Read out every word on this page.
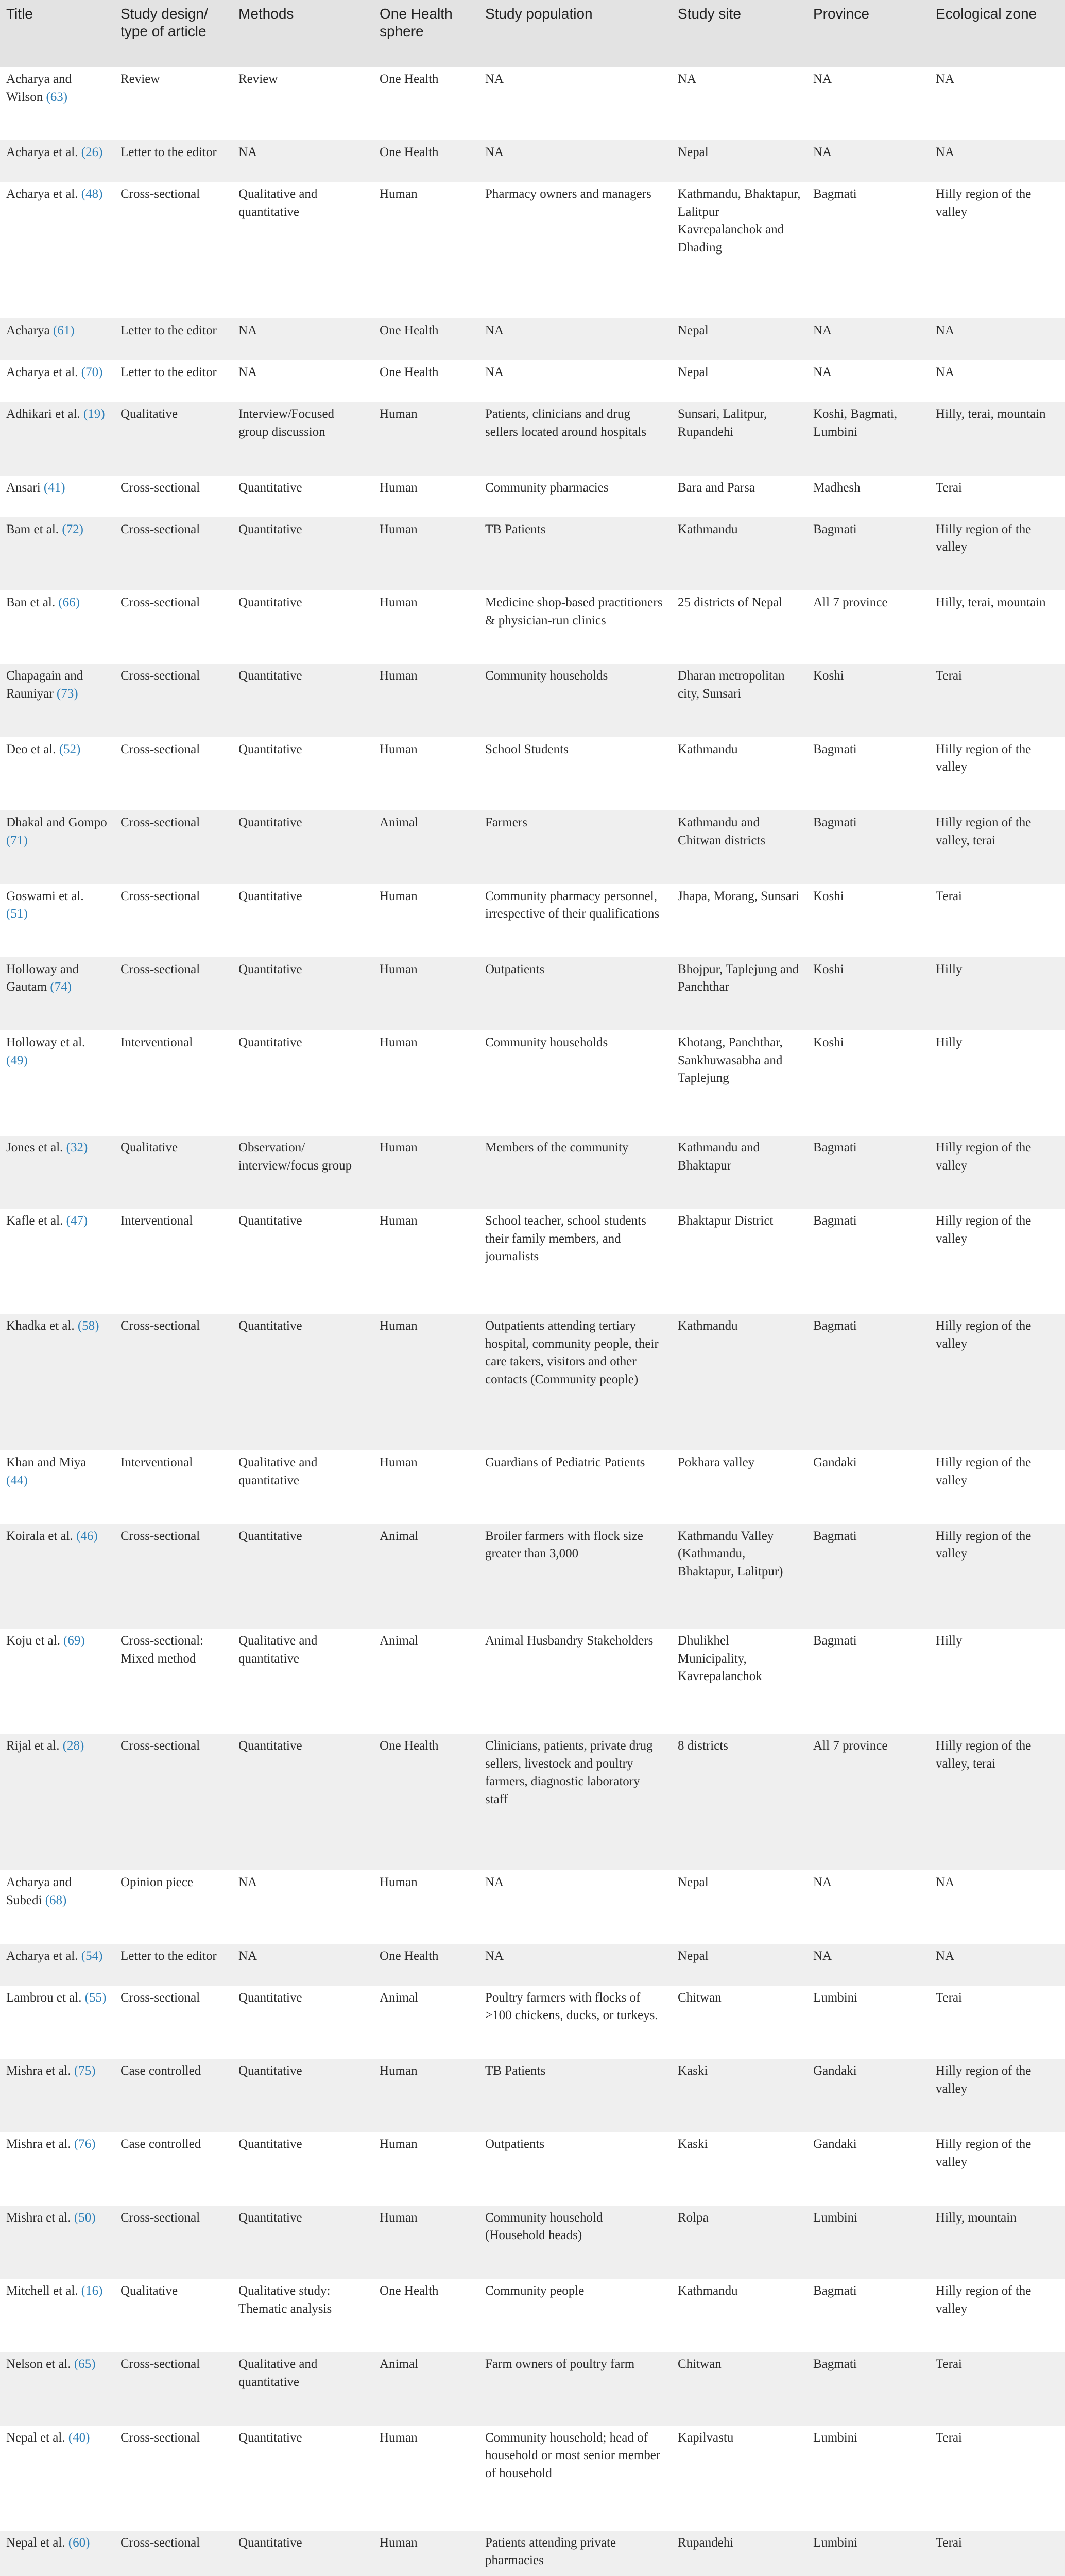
Title	Study design/ type of article	Methods	One Health sphere	Study population	Study site	Province	Ecological zone
Acharya and Wilson (63)	Review	Review	One Health	NA	NA	NA	NA
Acharya et al. (26)	Letter to the editor	NA	One Health	NA	Nepal	NA	NA
Acharya et al. (48)	Cross-sectional	Qualitative and quantitative	Human	Pharmacy owners and managers	Kathmandu, Bhaktapur, Lalitpur Kavrepalanchok and Dhading	Bagmati	Hilly region of the valley
Acharya (61)	Letter to the editor	NA	One Health	NA	Nepal	NA	NA
Acharya et al. (70)	Letter to the editor	NA	One Health	NA	Nepal	NA	NA
Adhikari et al. (19)	Qualitative	Interview/Focused group discussion	Human	Patients, clinicians and drug sellers located around hospitals	Sunsari, Lalitpur, Rupandehi	Koshi, Bagmati, Lumbini	Hilly, terai, mountain
Ansari (41)	Cross-sectional	Quantitative	Human	Community pharmacies	Bara and Parsa	Madhesh	Terai
Bam et al. (72)	Cross-sectional	Quantitative	Human	TB Patients	Kathmandu	Bagmati	Hilly region of the valley
Ban et al. (66)	Cross-sectional	Quantitative	Human	Medicine shop-based practitioners & physician-run clinics	25 districts of Nepal	All 7 province	Hilly, terai, mountain
Chapagain and Rauniyar (73)	Cross-sectional	Quantitative	Human	Community households	Dharan metropolitan city, Sunsari	Koshi	Terai
Deo et al. (52)	Cross-sectional	Quantitative	Human	School Students	Kathmandu	Bagmati	Hilly region of the valley
Dhakal and Gompo (71)	Cross-sectional	Quantitative	Animal	Farmers	Kathmandu and Chitwan districts	Bagmati	Hilly region of the valley, terai
Goswami et al. (51)	Cross-sectional	Quantitative	Human	Community pharmacy personnel, irrespective of their qualifications	Jhapa, Morang, Sunsari	Koshi	Terai
Holloway and Gautam (74)	Cross-sectional	Quantitative	Human	Outpatients	Bhojpur, Taplejung and Panchthar	Koshi	Hilly
Holloway et al. (49)	Interventional	Quantitative	Human	Community households	Khotang, Panchthar, Sankhuwasabha and Taplejung	Koshi	Hilly
Jones et al. (32)	Qualitative	Observation/ interview/focus group	Human	Members of the community	Kathmandu and Bhaktapur	Bagmati	Hilly region of the valley
Kafle et al. (47)	Interventional	Quantitative	Human	School teacher, school students their family members, and journalists	Bhaktapur District	Bagmati	Hilly region of the valley
Khadka et al. (58)	Cross-sectional	Quantitative	Human	Outpatients attending tertiary hospital, community people, their care takers, visitors and other contacts (Community people)	Kathmandu	Bagmati	Hilly region of the valley
Khan and Miya (44)	Interventional	Qualitative and quantitative	Human	Guardians of Pediatric Patients	Pokhara valley	Gandaki	Hilly region of the valley
Koirala et al. (46)	Cross-sectional	Quantitative	Animal	Broiler farmers with flock size greater than 3,000	Kathmandu Valley (Kathmandu, Bhaktapur, Lalitpur)	Bagmati	Hilly region of the valley
Koju et al. (69)	Cross-sectional: Mixed method	Qualitative and quantitative	Animal	Animal Husbandry Stakeholders	Dhulikhel Municipality, Kavrepalanchok	Bagmati	Hilly
Rijal et al. (28)	Cross-sectional	Quantitative	One Health	Clinicians, patients, private drug sellers, livestock and poultry farmers, diagnostic laboratory staff	8 districts	All 7 province	Hilly region of the valley, terai
Acharya and Subedi (68)	Opinion piece	NA	Human	NA	Nepal	NA	NA
Acharya et al. (54)	Letter to the editor	NA	One Health	NA	Nepal	NA	NA
Lambrou et al. (55)	Cross-sectional	Quantitative	Animal	Poultry farmers with flocks of >100 chickens, ducks, or turkeys.	Chitwan	Lumbini	Terai
Mishra et al. (75)	Case controlled	Quantitative	Human	TB Patients	Kaski	Gandaki	Hilly region of the valley
Mishra et al. (76)	Case controlled	Quantitative	Human	Outpatients	Kaski	Gandaki	Hilly region of the valley
Mishra et al. (50)	Cross-sectional	Quantitative	Human	Community household (Household heads)	Rolpa	Lumbini	Hilly, mountain
Mitchell et al. (16)	Qualitative	Qualitative study: Thematic analysis	One Health	Community people	Kathmandu	Bagmati	Hilly region of the valley
Nelson et al. (65)	Cross-sectional	Qualitative and quantitative	Animal	Farm owners of poultry farm	Chitwan	Bagmati	Terai
Nepal et al. (40)	Cross-sectional	Quantitative	Human	Community household; head of household or most senior member of household	Kapilvastu	Lumbini	Terai
Nepal et al. (60)	Cross-sectional	Quantitative	Human	Patients attending private pharmacies	Rupandehi	Lumbini	Terai
